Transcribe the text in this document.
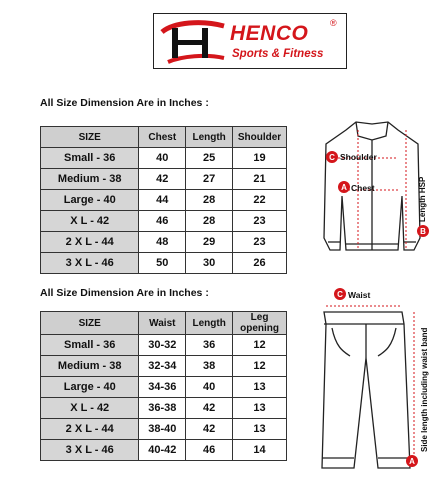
HENCO ®
Sports & Fitness
All Size Dimension Are in Inches :
SIZE	Chest	Length	Shoulder
Small - 36	40	25	19
Medium - 38	42	27	21
Large - 40	44	28	22
X L - 42	46	28	23
2 X L - 44	48	29	23
3 X L - 46	50	30	26
All Size Dimension Are in Inches :
SIZE	Waist	Length	Leg opening
Small - 36	30-32	36	12
Medium - 38	32-34	38	12
Large - 40	34-36	40	13
X L - 42	36-38	42	13
2 X L - 44	38-40	42	13
3 X L - 46	40-42	46	14
C Shoulder
A Chest
B
Length HSP
C Waist
A
Side length including waist band
